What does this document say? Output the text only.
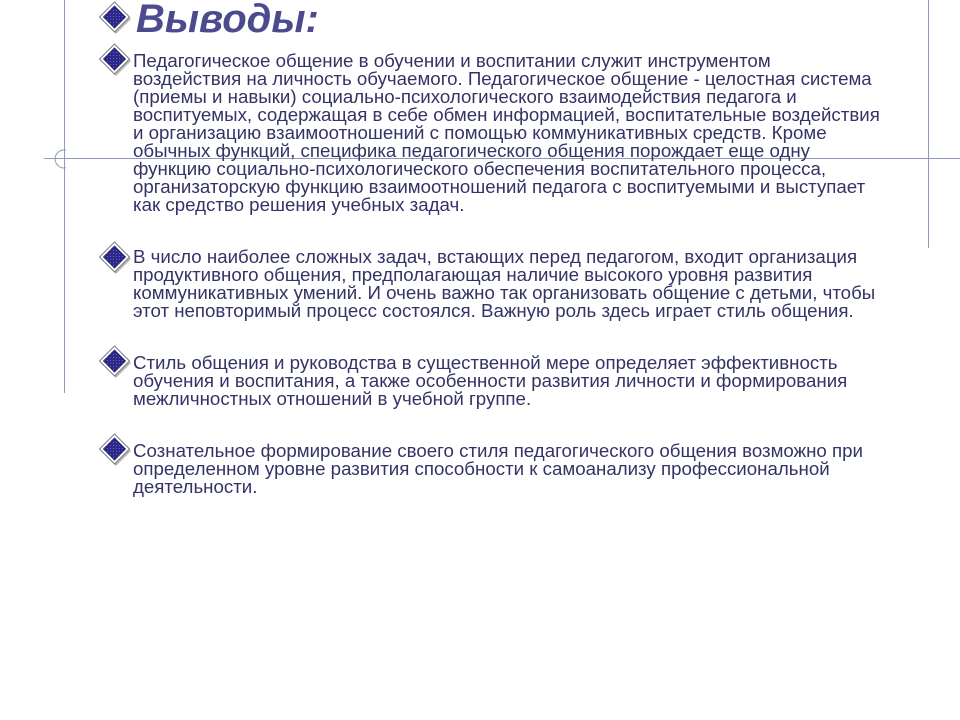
Выводы:
Педагогическое общение в обучении и воспитании служит инструментом
воздействия на личность обучаемого. Педагогическое общение - целостная система
(приемы и навыки) социально-психологического взаимодействия педагога и
воспитуемых, содержащая в себе обмен информацией, воспитательные воздействия
и организацию взаимоотношений с помощью коммуникативных средств. Кроме
обычных функций, специфика педагогического общения порождает еще одну
функцию социально-психологического обеспечения воспитательного процесса,
организаторскую функцию взаимоотношений педагога с воспитуемыми и выступает
как средство решения учебных задач.
В число наиболее сложных задач, встающих перед педагогом, входит организация
продуктивного общения, предполагающая наличие высокого уровня развития
коммуникативных умений. И очень важно так организовать общение с детьми, чтобы
этот неповторимый процесс состоялся. Важную роль здесь играет стиль общения.
Стиль общения и руководства в существенной мере определяет эффективность
обучения и воспитания, а также особенности развития личности и формирования
межличностных отношений в учебной группе.
Сознательное формирование своего стиля педагогического общения возможно при
определенном уровне развития способности к самоанализу профессиональной
деятельности.
